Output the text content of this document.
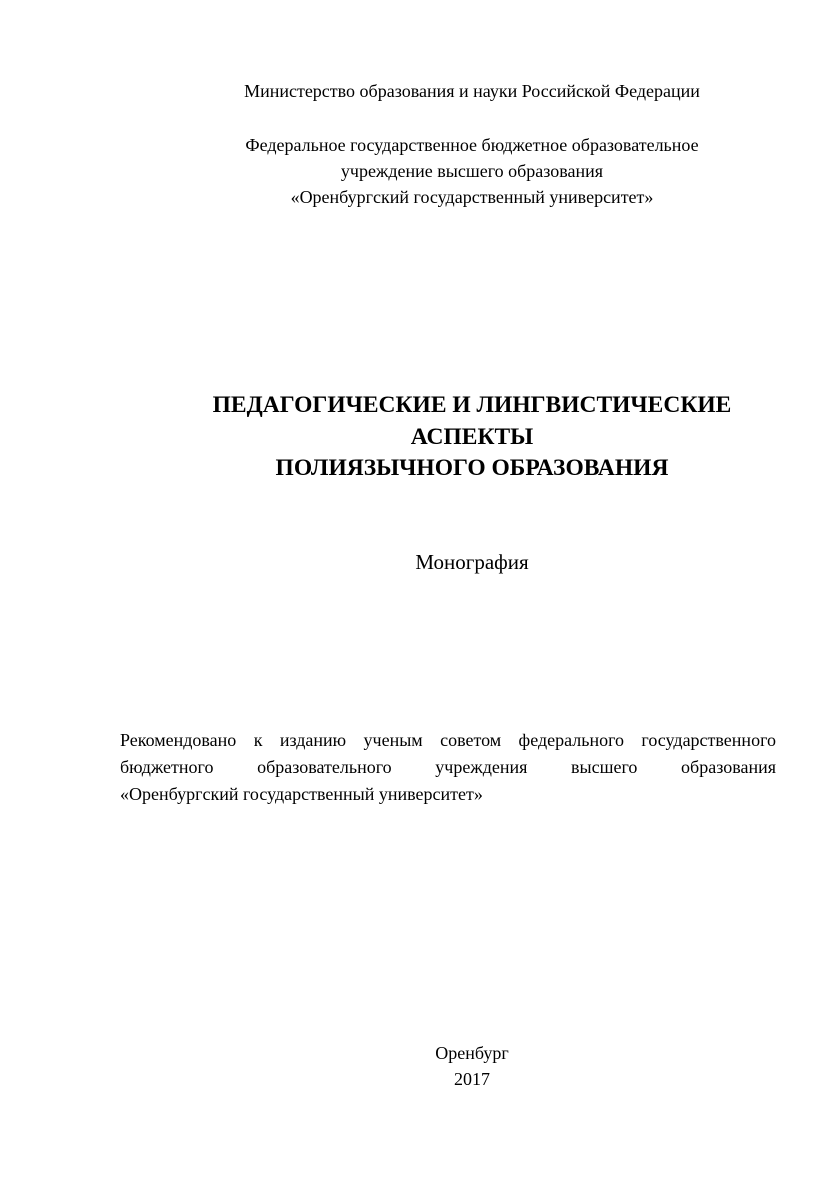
Министерство образования и науки Российской Федерации
Федеральное государственное бюджетное образовательное
учреждение высшего образования
«Оренбургский государственный университет»
ПЕДАГОГИЧЕСКИЕ И ЛИНГВИСТИЧЕСКИЕ
АСПЕКТЫ
ПОЛИЯЗЫЧНОГО ОБРАЗОВАНИЯ
Монография
Рекомендовано к изданию ученым советом федерального государственного
бюджетного образовательного учреждения высшего образования
«Оренбургский государственный университет»
Оренбург
2017
